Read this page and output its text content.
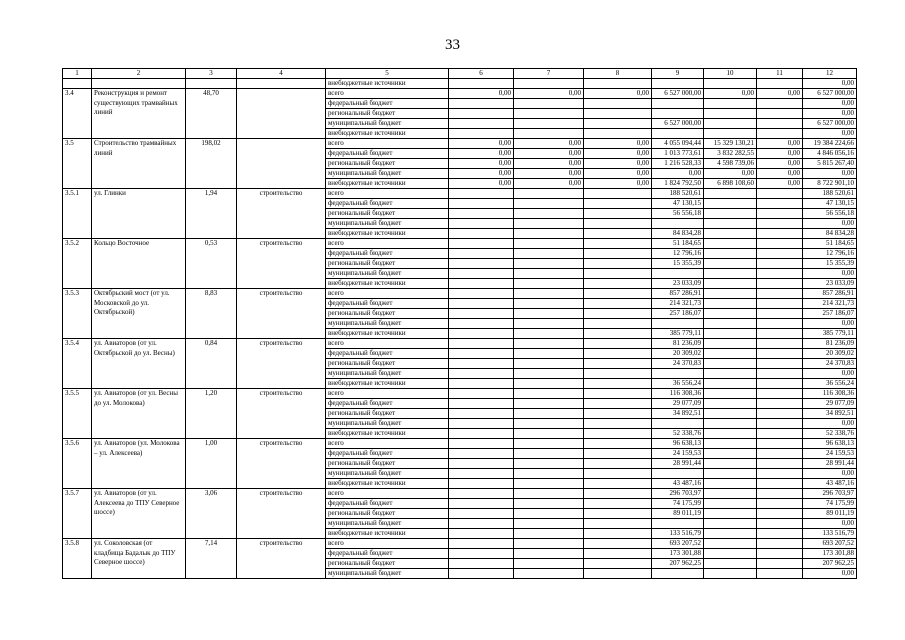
33
1	2	3	4	5	6	7	8	9	10	11	12
				внебюджетные источники							0,00
3.4	Реконструкция и ремонт существующих трамвайных линий	48,70		всего	0,00	0,00	0,00	6 527 000,00	0,00	0,00	6 527 000,00
				федеральный бюджет							0,00
				региональный бюджет							0,00
				муниципальный бюджет				6 527 000,00			6 527 000,00
				внебюджетные источники							0,00
3.5	Строительство трамвайных линий	198,02		всего	0,00	0,00	0,00	4 055 094,44	15 329 130,21	0,00	19 384 224,66
				федеральный бюджет	0,00	0,00	0,00	1 013 773,61	3 832 282,55	0,00	4 846 056,16
				региональный бюджет	0,00	0,00	0,00	1 216 528,33	4 598 739,06	0,00	5 815 267,40
				муниципальный бюджет	0,00	0,00	0,00	0,00	0,00	0,00	0,00
				внебюджетные источники	0,00	0,00	0,00	1 824 792,50	6 898 108,60	0,00	8 722 901,10
3.5.1	ул. Глинки	1,94	строительство	всего				188 520,61			188 520,61
				федеральный бюджет				47 130,15			47 130,15
				региональный бюджет				56 556,18			56 556,18
				муниципальный бюджет							0,00
				внебюджетные источники				84 834,28			84 834,28
3.5.2	Кольцо Восточное	0,53	строительство	всего				51 184,65			51 184,65
				федеральный бюджет				12 796,16			12 796,16
				региональный бюджет				15 355,39			15 355,39
				муниципальный бюджет							0,00
				внебюджетные источники				23 033,09			23 033,09
3.5.3	Октябрьский мост (от ул. Московской до ул. Октябрьской)	8,83	строительство	всего				857 286,91			857 286,91
				федеральный бюджет				214 321,73			214 321,73
				региональный бюджет				257 186,07			257 186,07
				муниципальный бюджет							0,00
				внебюджетные источники				385 779,11			385 779,11
3.5.4	ул. Авиаторов (от ул. Октябрьской до ул. Весны)	0,84	строительство	всего				81 236,09			81 236,09
				федеральный бюджет				20 309,02			20 309,02
				региональный бюджет				24 370,83			24 370,83
				муниципальный бюджет							0,00
				внебюджетные источники				36 556,24			36 556,24
3.5.5	ул. Авиаторов (от ул. Весны до ул. Молокова)	1,20	строительство	всего				116 308,36			116 308,36
				федеральный бюджет				29 077,09			29 077,09
				региональный бюджет				34 892,51			34 892,51
				муниципальный бюджет							0,00
				внебюджетные источники				52 338,76			52 338,76
3.5.6	ул. Авиаторов (ул. Молокова – ул. Алексеева)	1,00	строительство	всего				96 638,13			96 638,13
				федеральный бюджет				24 159,53			24 159,53
				региональный бюджет				28 991,44			28 991,44
				муниципальный бюджет							0,00
				внебюджетные источники				43 487,16			43 487,16
3.5.7	ул. Авиаторов (от ул. Алексеева до ТПУ Северное шоссе)	3,06	строительство	всего				296 703,97			296 703,97
				федеральный бюджет				74 175,99			74 175,99
				региональный бюджет				89 011,19			89 011,19
				муниципальный бюджет							0,00
				внебюджетные источники				133 516,79			133 516,79
3.5.8	ул. Соколовская (от кладбища Бадалык до ТПУ Северное шоссе)	7,14	строительство	всего				693 207,52			693 207,52
				федеральный бюджет				173 301,88			173 301,88
				региональный бюджет				207 962,25			207 962,25
				муниципальный бюджет							0,00
